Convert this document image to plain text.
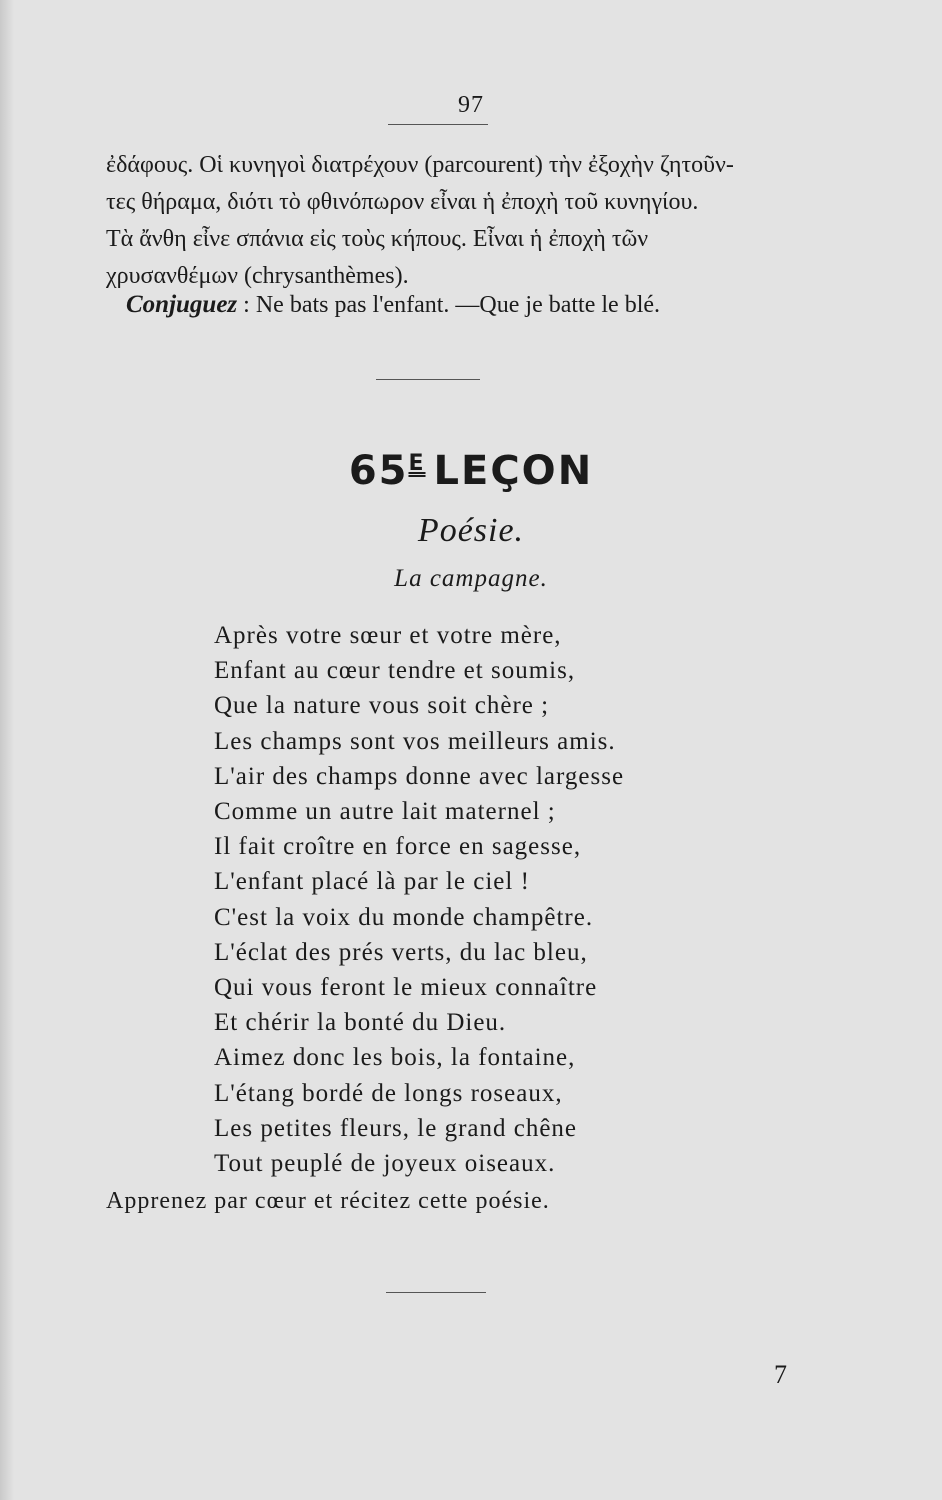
97
ἐδάφους. Οἱ κυνηγοὶ διατρέχουν (parcourent) τὴν ἐξοχὴν ζητοῦν-
τες θήραμα, διότι τὸ φθινόπωρον εἶναι ἡ ἐποχὴ τοῦ κυνηγίου.
Τὰ ἄνθη εἶνε σπάνια εἰς τοὺς κήπους. Εἶναι ἡ ἐποχὴ τῶν
χρυσανθέμων (chrysanthèmes).
Conjuguez : Ne bats pas l'enfant. —Que je batte le blé.
$65^E$ LEÇON
Poésie.
La campagne.
Après votre sœur et votre mère,
Enfant au cœur tendre et soumis,
Que la nature vous soit chère ;
Les champs sont vos meilleurs amis.
L'air des champs donne avec largesse
Comme un autre lait maternel ;
Il fait croître en force en sagesse,
L'enfant placé là par le ciel !
C'est la voix du monde champêtre.
L'éclat des prés verts, du lac bleu,
Qui vous feront le mieux connaître
Et chérir la bonté du Dieu.
Aimez donc les bois, la fontaine,
L'étang bordé de longs roseaux,
Les petites fleurs, le grand chêne
Tout peuplé de joyeux oiseaux.
Apprenez par cœur et récitez cette poésie.
7
